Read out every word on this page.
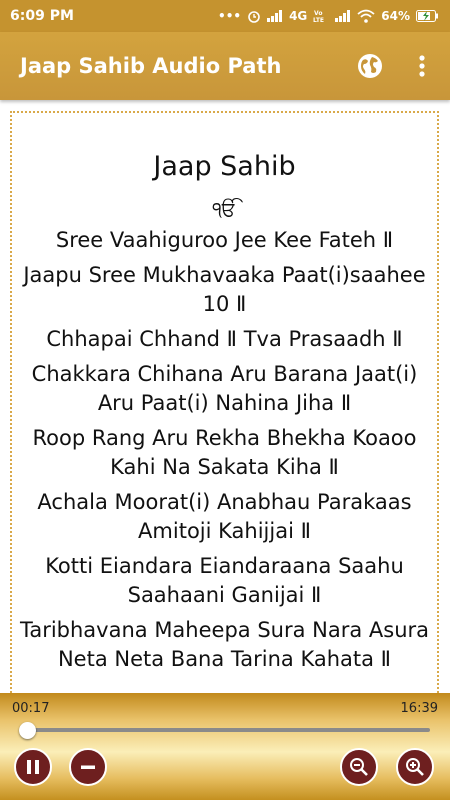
6:09 PM	•••	4G Vo
LTE	64%
Jaap Sahib Audio Path
Jaap Sahib
ੴ

Sree Vaahiguroo Jee Kee Fateh Ⅱ

Jaapu Sree Mukhavaaka Paat(i)saahee 10 Ⅱ

Chhapai Chhand Ⅱ Tva Prasaadh Ⅱ

Chakkara Chihana Aru Barana Jaat(i) Aru Paat(i) Nahina Jiha Ⅱ

Roop Rang Aru Rekha Bhekha Koaoo Kahi Na Sakata Kiha Ⅱ

Achala Moorat(i) Anabhau Parakaas Amitoji Kahijjai Ⅱ

Kotti Eiandara Eiandaraana Saahu Saahaani Ganijai Ⅱ

Taribhavana Maheepa Sura Nara Asura Neta Neta Bana Tarina Kahata Ⅱ

00:17	16:39
